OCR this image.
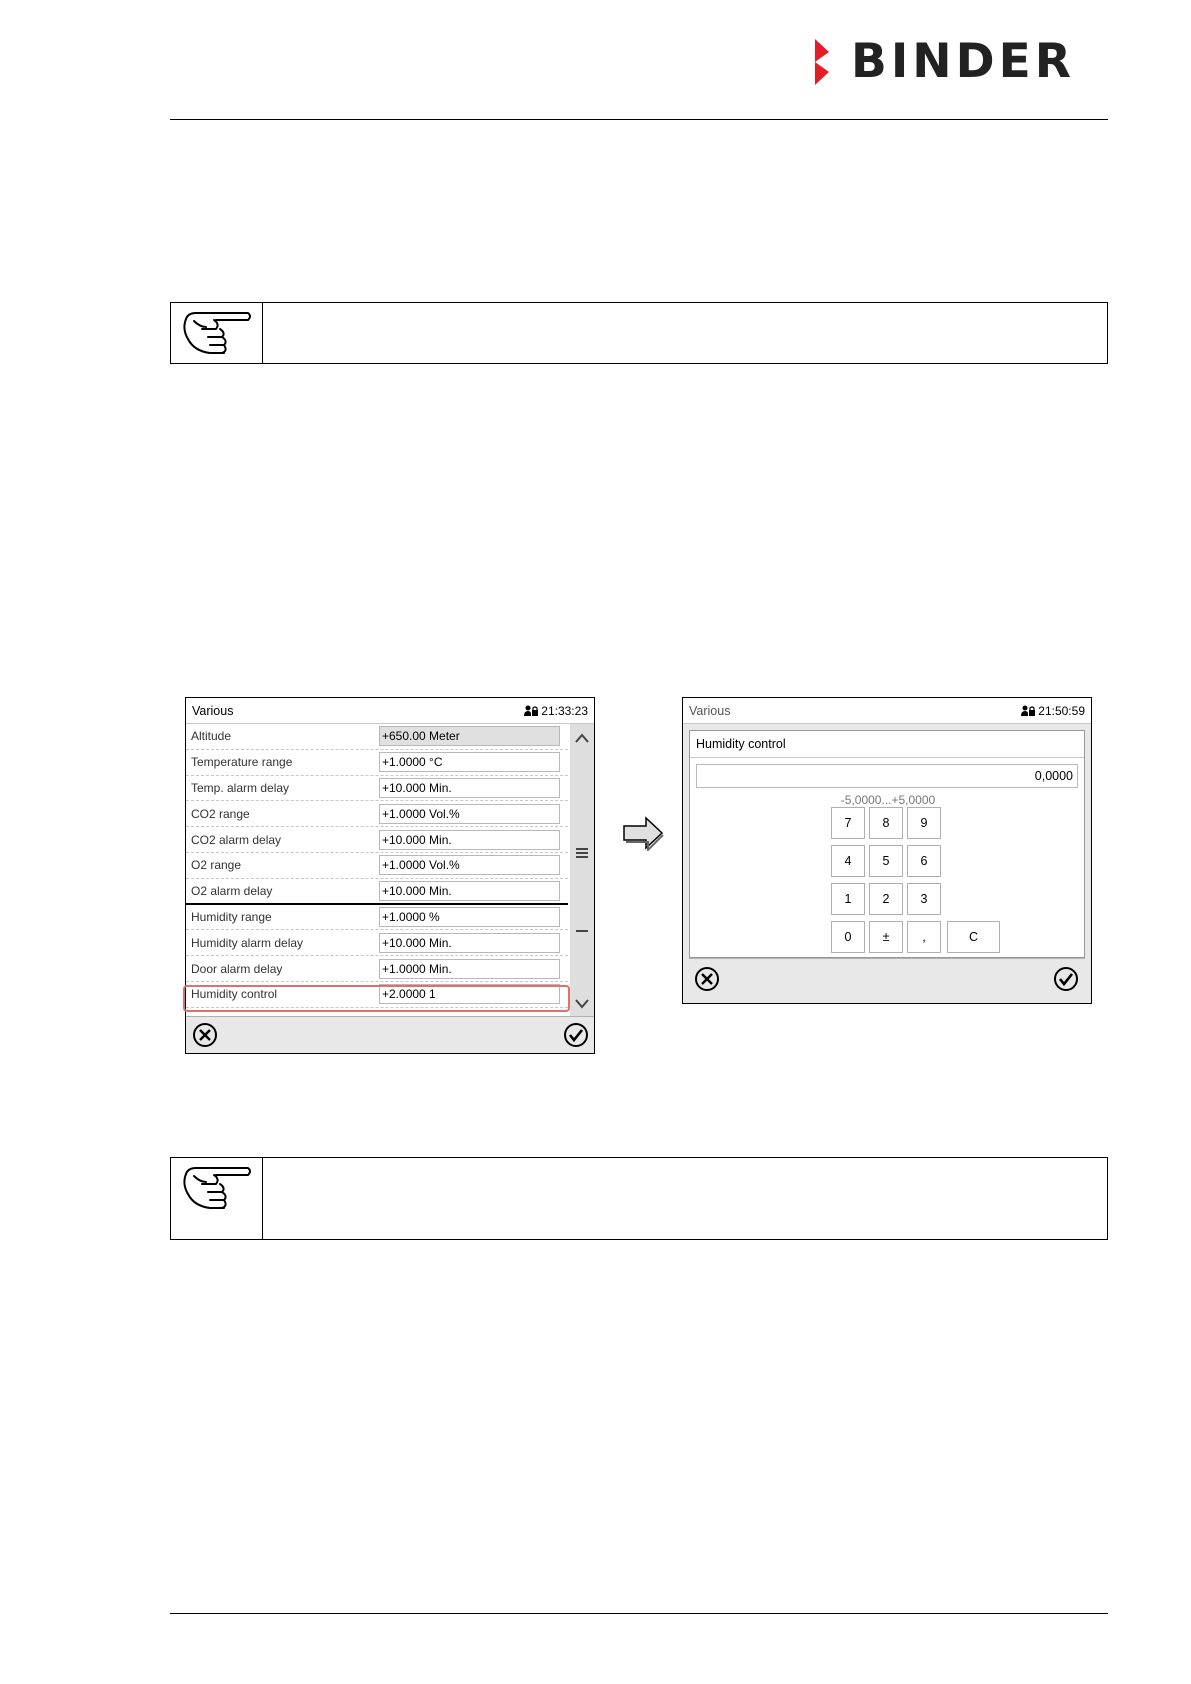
BINDER
Various	21:33:23
Altitude	+650.00 Meter
Temperature range	+1.0000 °C
Temp. alarm delay	+10.000 Min.
CO2 range	+1.0000 Vol.%
CO2 alarm delay	+10.000 Min.
O2 range	+1.0000 Vol.%
O2 alarm delay	+10.000 Min.
Humidity range	+1.0000 %
Humidity alarm delay	+10.000 Min.
Door alarm delay	+1.0000 Min.
Humidity control	+2.0000 1
Various	21:50:59
Humidity control
0,0000
-5,0000...+5,0000
7	8	9
4	5	6
1	2	3
0	±	,	C
